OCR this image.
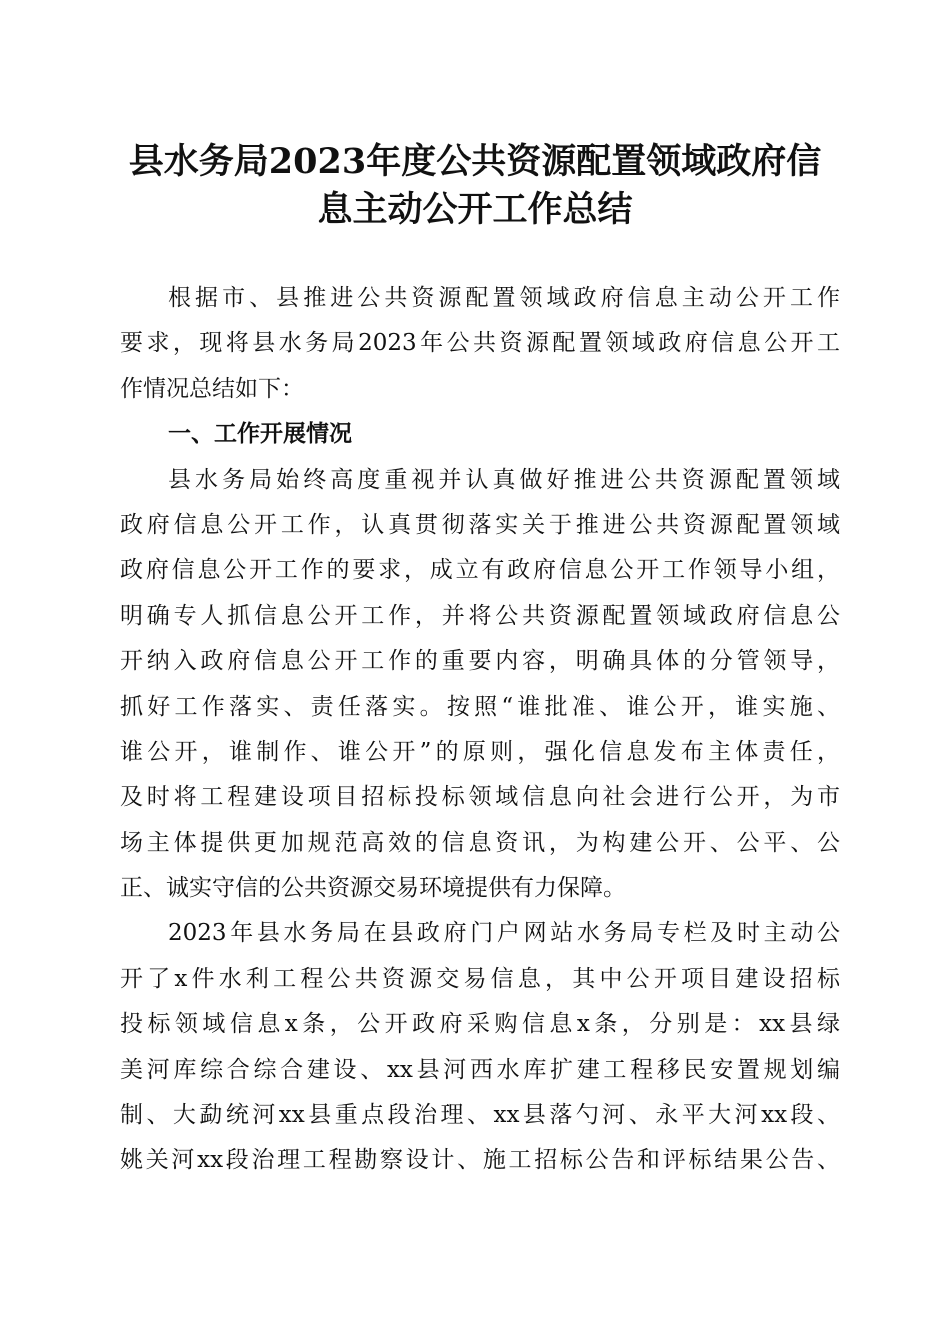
县水务局2023年度公共资源配置领域政府信
息主动公开工作总结
根据市、县推进公共资源配置领域政府信息主动公开工作
要求，现将县水务局2023年公共资源配置领域政府信息公开工
作情况总结如下：
一、工作开展情况
县水务局始终高度重视并认真做好推进公共资源配置领域
政府信息公开工作，认真贯彻落实关于推进公共资源配置领域
政府信息公开工作的要求，成立有政府信息公开工作领导小组，
明确专人抓信息公开工作，并将公共资源配置领域政府信息公
开纳入政府信息公开工作的重要内容，明确具体的分管领导，
抓好工作落实、责任落实。按照“谁批准、谁公开，谁实施、
谁公开，谁制作、谁公开”的原则，强化信息发布主体责任，
及时将工程建设项目招标投标领域信息向社会进行公开，为市
场主体提供更加规范高效的信息资讯，为构建公开、公平、公
正、诚实守信的公共资源交易环境提供有力保障。
2023年县水务局在县政府门户网站水务局专栏及时主动公
开了x件水利工程公共资源交易信息，其中公开项目建设招标
投标领域信息x条，公开政府采购信息x条，分别是：xx县绿
美河库综合综合建设、xx县河西水库扩建工程移民安置规划编
制、大勐统河xx县重点段治理、xx县落勺河、永平大河xx段、
姚关河xx段治理工程勘察设计、施工招标公告和评标结果公告、
